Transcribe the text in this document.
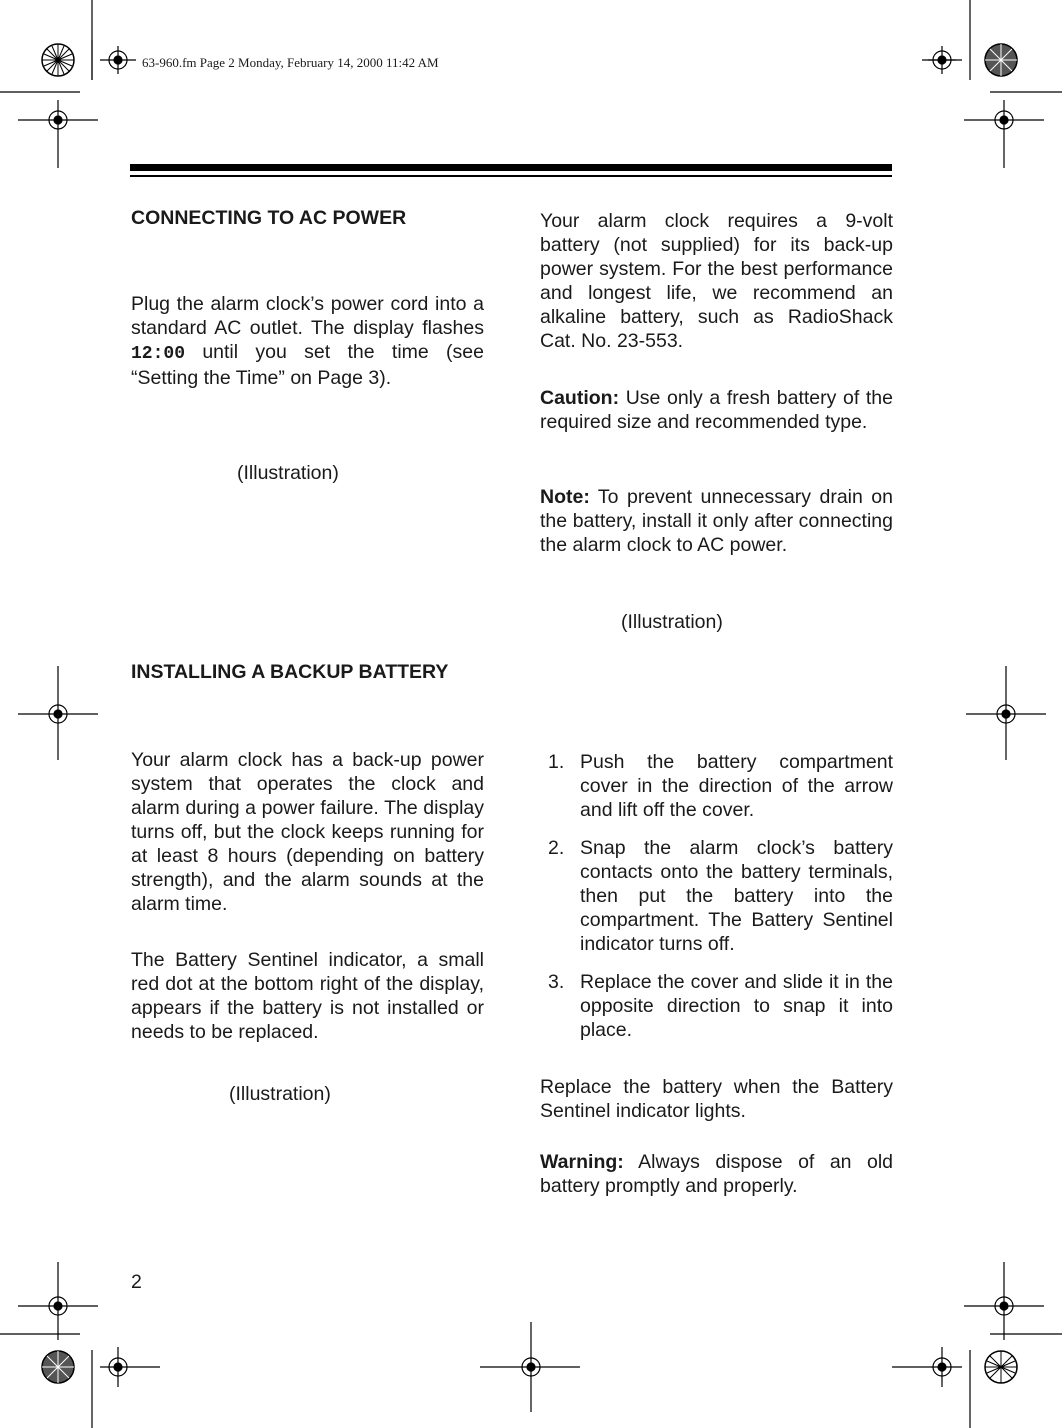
63-960.fm Page 2 Monday, February 14, 2000 11:42 AM
CONNECTING TO AC POWER

Plug the alarm clock’s power cord into a standard AC outlet. The display flashes 12:00 until you set the time (see “Setting the Time” on Page 3).

(Illustration)
INSTALLING A BACKUP BATTERY

Your alarm clock has a back-up power system that operates the clock and alarm during a power failure. The display turns off, but the clock keeps running for at least 8 hours (depending on battery strength), and the alarm sounds at the alarm time.

The Battery Sentinel indicator, a small red dot at the bottom right of the display, appears if the battery is not installed or needs to be replaced.

(Illustration)

Your alarm clock requires a 9-volt battery (not supplied) for its back-up power system. For the best performance and longest life, we recommend an alkaline battery, such as RadioShack Cat. No. 23-553.

Caution: Use only a fresh battery of the required size and recommended type.

Note: To prevent unnecessary drain on the battery, install it only after connecting the alarm clock to AC power.

(Illustration)
1. Push the battery compartment cover in the direction of the arrow and lift off the cover.
2. Snap the alarm clock’s battery contacts onto the battery terminals, then put the battery into the compartment. The Battery Sentinel indicator turns off.
3. Replace the cover and slide it in the opposite direction to snap it into place.

Replace the battery when the Battery Sentinel indicator lights.

Warning: Always dispose of an old battery promptly and properly.

2
